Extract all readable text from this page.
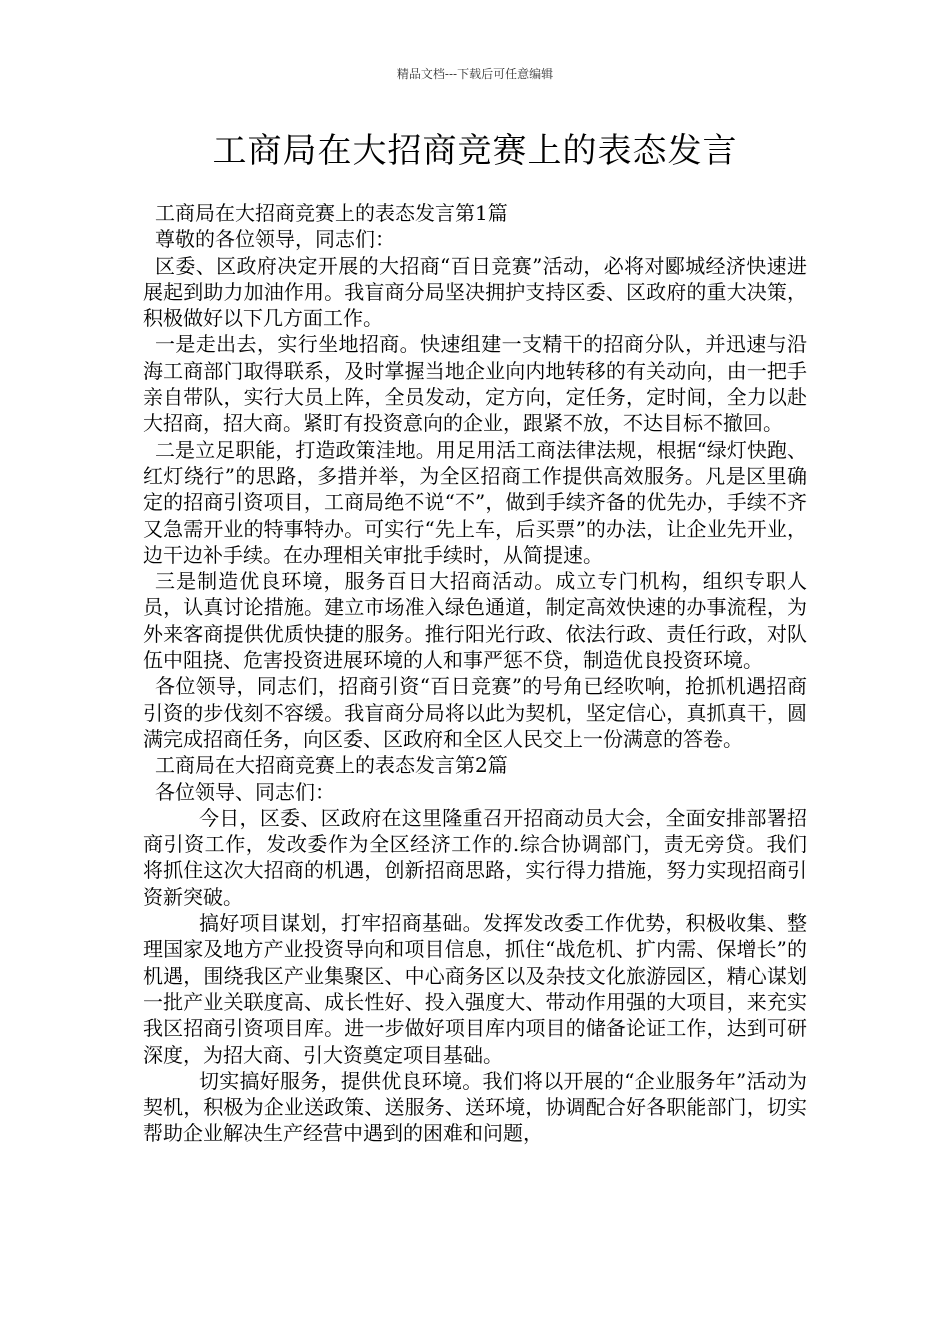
精品文档---下载后可任意编辑
工商局在大招商竞赛上的表态发言

工商局在大招商竞赛上的表态发言第1篇

尊敬的各位领导，同志们：

区委、区政府决定开展的大招商“百日竞赛”活动，必将对郾城经济快速进展起到助力加油作用。我盲商分局坚决拥护支持区委、区政府的重大决策，积极做好以下几方面工作。

一是走出去，实行坐地招商。快速组建一支精干的招商分队，并迅速与沿海工商部门取得联系，及时掌握当地企业向内地转移的有关动向，由一把手亲自带队，实行大员上阵，全员发动，定方向，定任务，定时间，全力以赴大招商，招大商。紧盯有投资意向的企业，跟紧不放，不达目标不撤回。

二是立足职能，打造政策洼地。用足用活工商法律法规，根据“绿灯快跑、红灯绕行”的思路，多措并举，为全区招商工作提供高效服务。凡是区里确定的招商引资项目，工商局绝不说“不”，做到手续齐备的优先办，手续不齐又急需开业的特事特办。可实行“先上车，后买票”的办法，让企业先开业，边干边补手续。在办理相关审批手续时，从简提速。

三是制造优良环境，服务百日大招商活动。成立专门机构，组织专职人员，认真讨论措施。建立市场准入绿色通道，制定高效快速的办事流程，为外来客商提供优质快捷的服务。推行阳光行政、依法行政、责任行政，对队伍中阻挠、危害投资进展环境的人和事严惩不贷，制造优良投资环境。

各位领导，同志们，招商引资“百日竞赛”的号角已经吹响，抢抓机遇招商引资的步伐刻不容缓。我盲商分局将以此为契机，坚定信心，真抓真干，圆满完成招商任务，向区委、区政府和全区人民交上一份满意的答卷。

工商局在大招商竞赛上的表态发言第2篇

各位领导、同志们：

今日，区委、区政府在这里隆重召开招商动员大会，全面安排部署招商引资工作，发改委作为全区经济工作的.综合协调部门，责无旁贷。我们将抓住这次大招商的机遇，创新招商思路，实行得力措施，努力实现招商引资新突破。

搞好项目谋划，打牢招商基础。发挥发改委工作优势，积极收集、整理国家及地方产业投资导向和项目信息，抓住“战危机、扩内需、保增长”的机遇，围绕我区产业集聚区、中心商务区以及杂技文化旅游园区，精心谋划一批产业关联度高、成长性好、投入强度大、带动作用强的大项目，来充实我区招商引资项目库。进一步做好项目库内项目的储备论证工作，达到可研深度，为招大商、引大资奠定项目基础。

切实搞好服务，提供优良环境。我们将以开展的“企业服务年”活动为契机，积极为企业送政策、送服务、送环境，协调配合好各职能部门，切实帮助企业解决生产经营中遇到的困难和问题，
